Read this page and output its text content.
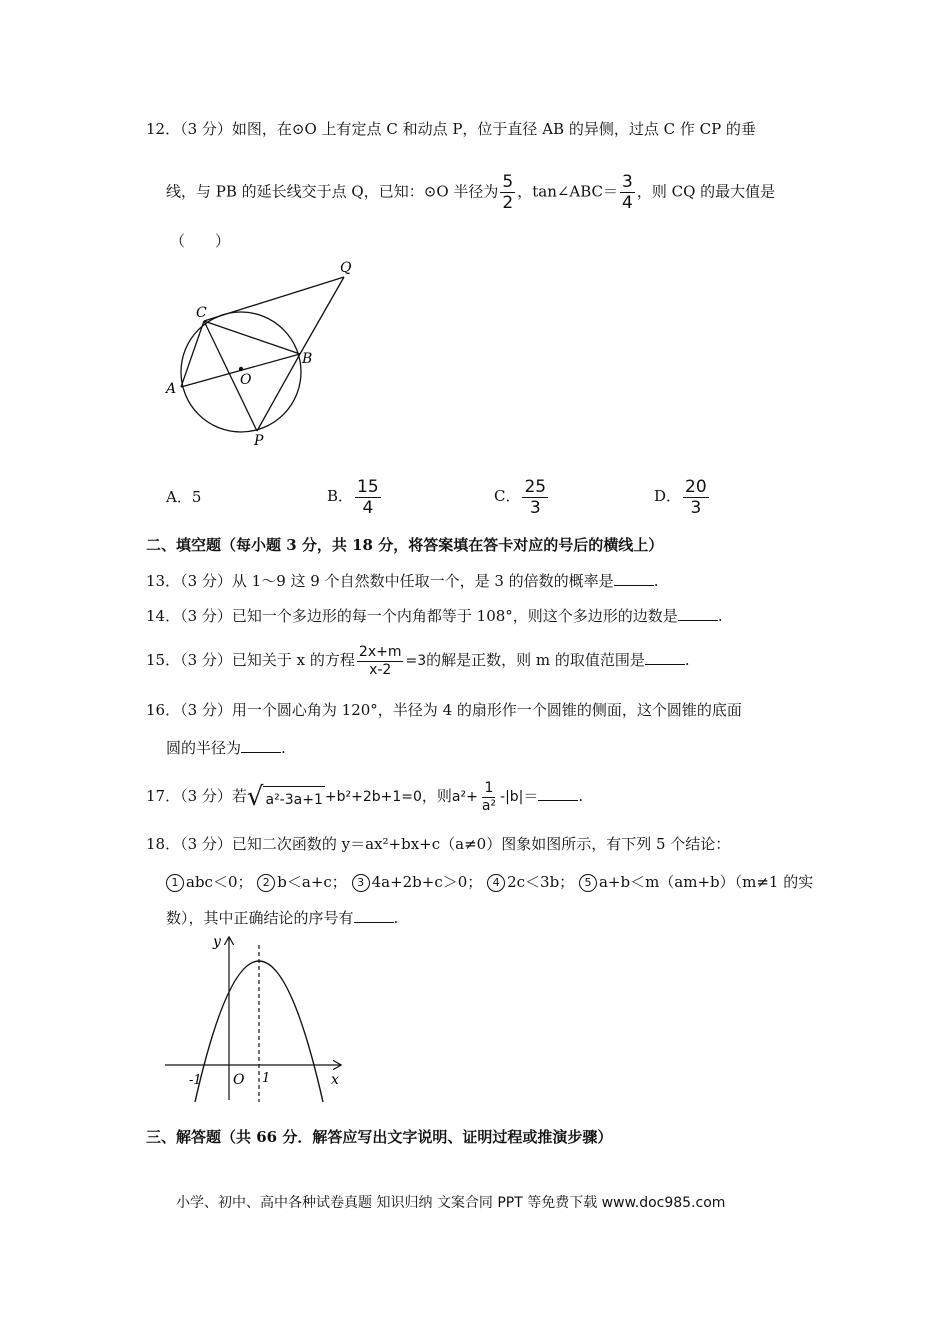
12．（3 分）如图，在⊙O 上有定点 C 和动点 P，位于直径 AB 的异侧，过点 C 作 CP 的垂
线，与 PB 的延长线交于点 Q，已知：⊙O 半径为 $\frac{5}{2}$ ，tan∠ABC＝ $\frac{3}{4}$ ，则 CQ 的最大值是
（　　）
Q
C
B
A
O
P
A．5	B． $\frac{15}{4}$	C． $\frac{25}{3}$	D． $\frac{20}{3}$
二、填空题（每小题 3 分，共 18 分，将答案填在答卡对应的号后的横线上）
13．（3 分）从 1～9 这 9 个自然数中任取一个，是 3 的倍数的概率是	.
14．（3 分）已知一个多边形的每一个内角都等于 108°，则这个多边形的边数是	.
15．（3 分）已知关于 x 的方程 $\frac{2x+m}{x-2} =3$的解是正数，则 m 的取值范围是	.
16．（3 分）用一个圆心角为 120°，半径为 4 的扇形作一个圆锥的侧面，这个圆锥的底面
圆的半径为	.
17．（3 分）若 √ a²-3a+1 +b²+2b+1=0，则$a^2+ \frac{1}{\text{a²}} -|b|=$	.
18．（3 分）已知二次函数的 y＝ax²+bx+c（a≠0）图象如图所示，有下列 5 个结论：
1 abc＜0； 2 b＜a+c； 3 4a+2b+c＞0； 4 2c＜3b； 5 a+b＜m（am+b）（m≠1 的实
数），其中正确结论的序号有	.
y
x
O
-1	1
三、解答题（共 66 分．解答应写出文字说明、证明过程或推演步骤）
小学、初中、高中各种试卷真题 知识归纳 文案合同 PPT 等免费下载 www.doc985.com
